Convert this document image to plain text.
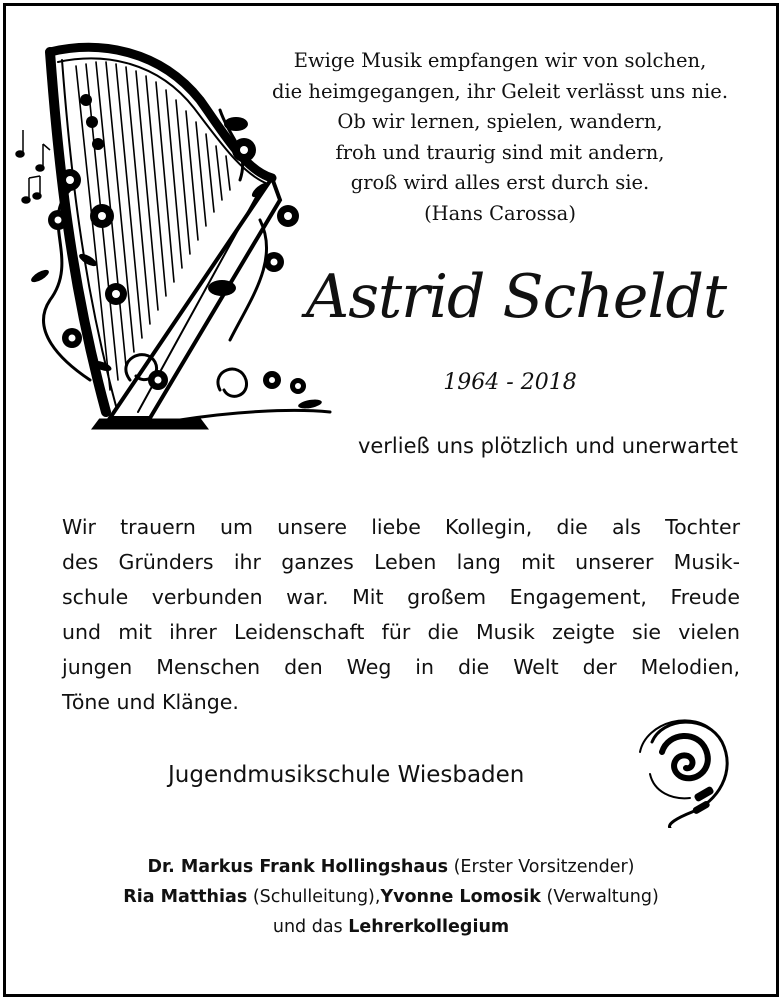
Ewige Musik empfangen wir von solchen,
die heimgegangen, ihr Geleit verlässt uns nie.
Ob wir lernen, spielen, wandern,
froh und traurig sind mit andern,
groß wird alles erst durch sie.
(Hans Carossa)
Astrid Scheldt
1964 - 2018
verließ uns plötzlich und unerwartet
Wir trauern um unsere liebe Kollegin, die als Tochter
des Gründers ihr ganzes Leben lang mit unserer Musik-
schule verbunden war. Mit großem Engagement, Freude
und mit ihrer Leidenschaft für die Musik zeigte sie vielen
jungen Menschen den Weg in die Welt der Melodien,
Töne und Klänge.
Jugendmusikschule Wiesbaden
Dr. Markus Frank Hollingshaus (Erster Vorsitzender)
Ria Matthias (Schulleitung),Yvonne Lomosik (Verwaltung)
und das Lehrerkollegium
